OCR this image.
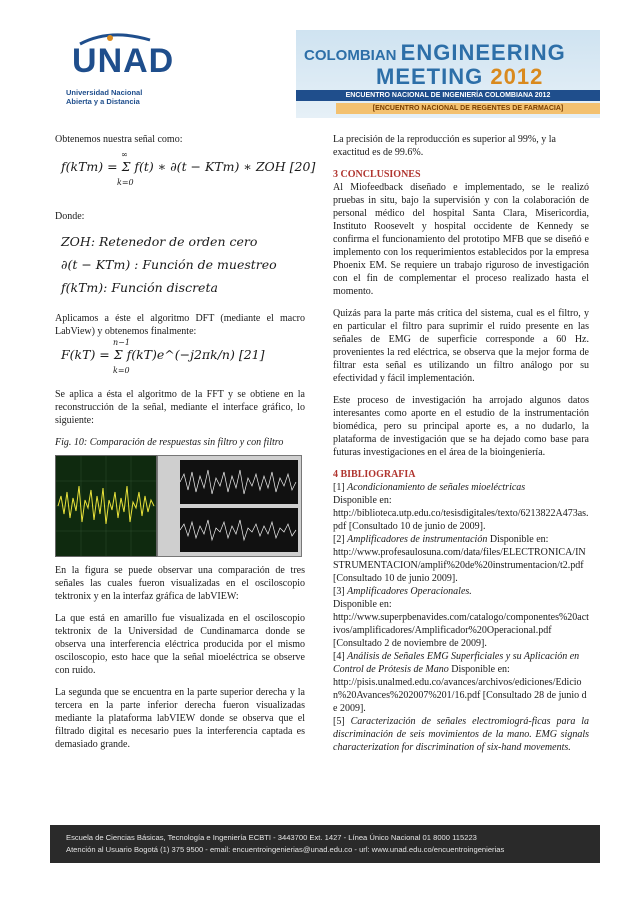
UNAD
Universidad Nacional
Abierta y a Distancia
COLOMBIAN ENGINEERING
MEETING 2012
ENCUENTRO NACIONAL DE INGENIERÍA COLOMBIANA 2012
[ENCUENTRO NACIONAL DE REGENTES DE FARMACIA]

Obtenemos nuestra señal como:

∞
f(kTm) = Σ f(t) ∗ ∂(t − KTm) ∗ ZOH [20]
k=0

Donde:

ZOH: Retenedor de orden cero
∂(t − KTm) : Función de muestreo
f(kTm): Función discreta

Aplicamos a éste el algoritmo DFT (mediante el macro LabView) y obtenemos finalmente:

n−1
F(kT) = Σ f(kT)e^(−j2πk/n) [21]
k=0

Se aplica a ésta el algoritmo de la FFT y se obtiene en la reconstrucción de la señal, mediante el interface gráfico, lo siguiente:

Fig. 10: Comparación de respuestas sin filtro y con filtro

En la figura se puede observar una comparación de tres señales las cuales fueron visualizadas en el osciloscopio tektronix y en la interfaz gráfica de labVIEW:

La que está en amarillo fue visualizada en el osciloscopio tektronix de la Universidad de Cundinamarca donde se observa una interferencia eléctrica producida por el mismo osciloscopio, esto hace que la señal mioeléctrica se observe con ruido.

La segunda que se encuentra en la parte superior derecha y la tercera en la parte inferior derecha fueron visualizadas mediante la plataforma labVIEW donde se observa que el filtrado digital es necesario pues la interferencia captada es demasiado grande.

La precisión de la reproducción es superior al 99%, y la exactitud es de 99.6%.

3 CONCLUSIONES

Al Miofeedback diseñado e implementado, se le realizó pruebas in situ, bajo la supervisión y con la colaboración de personal médico del hospital Santa Clara, Misericordia, Instituto Roosevelt y hospital occidente de Kennedy se confirma el funcionamiento del prototipo MFB que se diseñó e implemento con los requerimientos establecidos por la empresa Phoenix EM. Se requiere un trabajo riguroso de investigación con el fin de complementar el proceso realizado hasta el momento.

Quizás para la parte más crítica del sistema, cual es el filtro, y en particular el filtro para suprimir el ruido presente en las señales de EMG de superficie corresponde a 60 Hz. provenientes la red eléctrica, se observa que la mejor forma de filtrar esta señal es utilizando un filtro análogo por su efectividad y fácil implementación.

Este proceso de investigación ha arrojado algunos datos interesantes como aporte en el estudio de la instrumentación biomédica, pero su principal aporte es, a no dudarlo, la plataforma de investigación que se ha dejado como base para futuras investigaciones en el área de la bioingeniería.

4 BIBLIOGRAFIA

[1] Acondicionamiento de señales mioeléctricas
Disponible en:
http://biblioteca.utp.edu.co/tesisdigitales/texto/6213822A473as.pdf [Consultado 10 de junio de 2009].
[2] Amplificadores de instrumentación Disponible en:
http://www.profesaulosuna.com/data/files/ELECTRONICA/INSTRUMENTACION/amplif%20de%20instrumentacion/t2.pdf
[Consultado 10 de junio 2009].
[3] Amplificadores Operacionales.
Disponible en:
http://www.superpbenavides.com/catalogo/componentes%20activos/amplificadores/Amplificador%20Operacional.pdf
[Consultado 2 de noviembre de 2009].
[4] Análisis de Señales EMG Superficiales y su Aplicación en Control de Prótesis de Mano Disponible en:
http://pisis.unalmed.edu.co/avances/archivos/ediciones/Edicion%20Avances%202007%201/16.pdf [Consultado 28 de junio de 2009].
[5] Caracterización de señales electromiográ-ficas para la discriminación de seis movimientos de la mano. EMG signals characterization for discrimination of six-hand movements.
Escuela de Ciencias Básicas, Tecnología e Ingeniería ECBTI - 3443700 Ext. 1427 - Línea Único Nacional 01 8000 115223
Atención al Usuario Bogotá (1) 375 9500 - email: encuentroingenierias@unad.edu.co - url: www.unad.edu.co/encuentroingenierias
